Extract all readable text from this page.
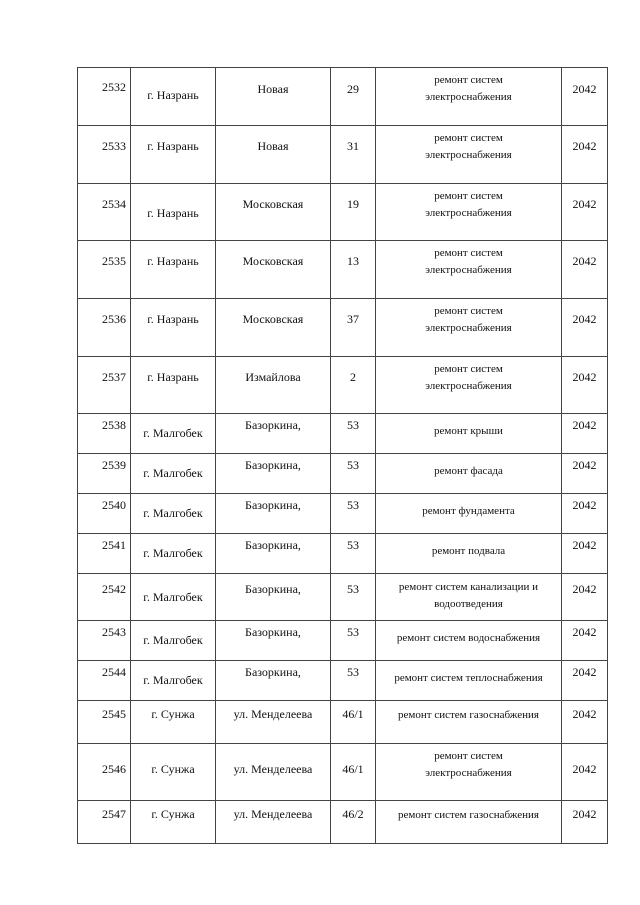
2532	г. Назрань	Новая	29	ремонт систем
электроснабжения	2042

2533	г. Назрань	Новая	31	ремонт систем
электроснабжения	2042

2534	г. Назрань	Московская	19	ремонт систем
электроснабжения	2042

2535	г. Назрань	Московская	13	ремонт систем
электроснабжения	2042

2536	г. Назрань	Московская	37	ремонт систем
электроснабжения	2042

2537	г. Назрань	Измайлова	2	ремонт систем
электроснабжения	2042

2538	г. Малгобек	Базоркина,	53	ремонт крыши	2042

2539	г. Малгобек	Базоркина,	53	ремонт фасада	2042

2540	г. Малгобек	Базоркина,	53	ремонт фундамента	2042

2541	г. Малгобек	Базоркина,	53	ремонт подвала	2042

2542	г. Малгобек	Базоркина,	53	ремонт систем канализации и
водоотведения	2042

2543	г. Малгобек	Базоркина,	53	ремонт систем водоснабжения	2042

2544	г. Малгобек	Базоркина,	53	ремонт систем теплоснабжения	2042

2545	г. Сунжа	ул. Менделеева	46/1	ремонт систем газоснабжения	2042

2546	г. Сунжа	ул. Менделеева	46/1	ремонт систем
электроснабжения	2042

2547	г. Сунжа	ул. Менделеева	46/2	ремонт систем газоснабжения	2042
